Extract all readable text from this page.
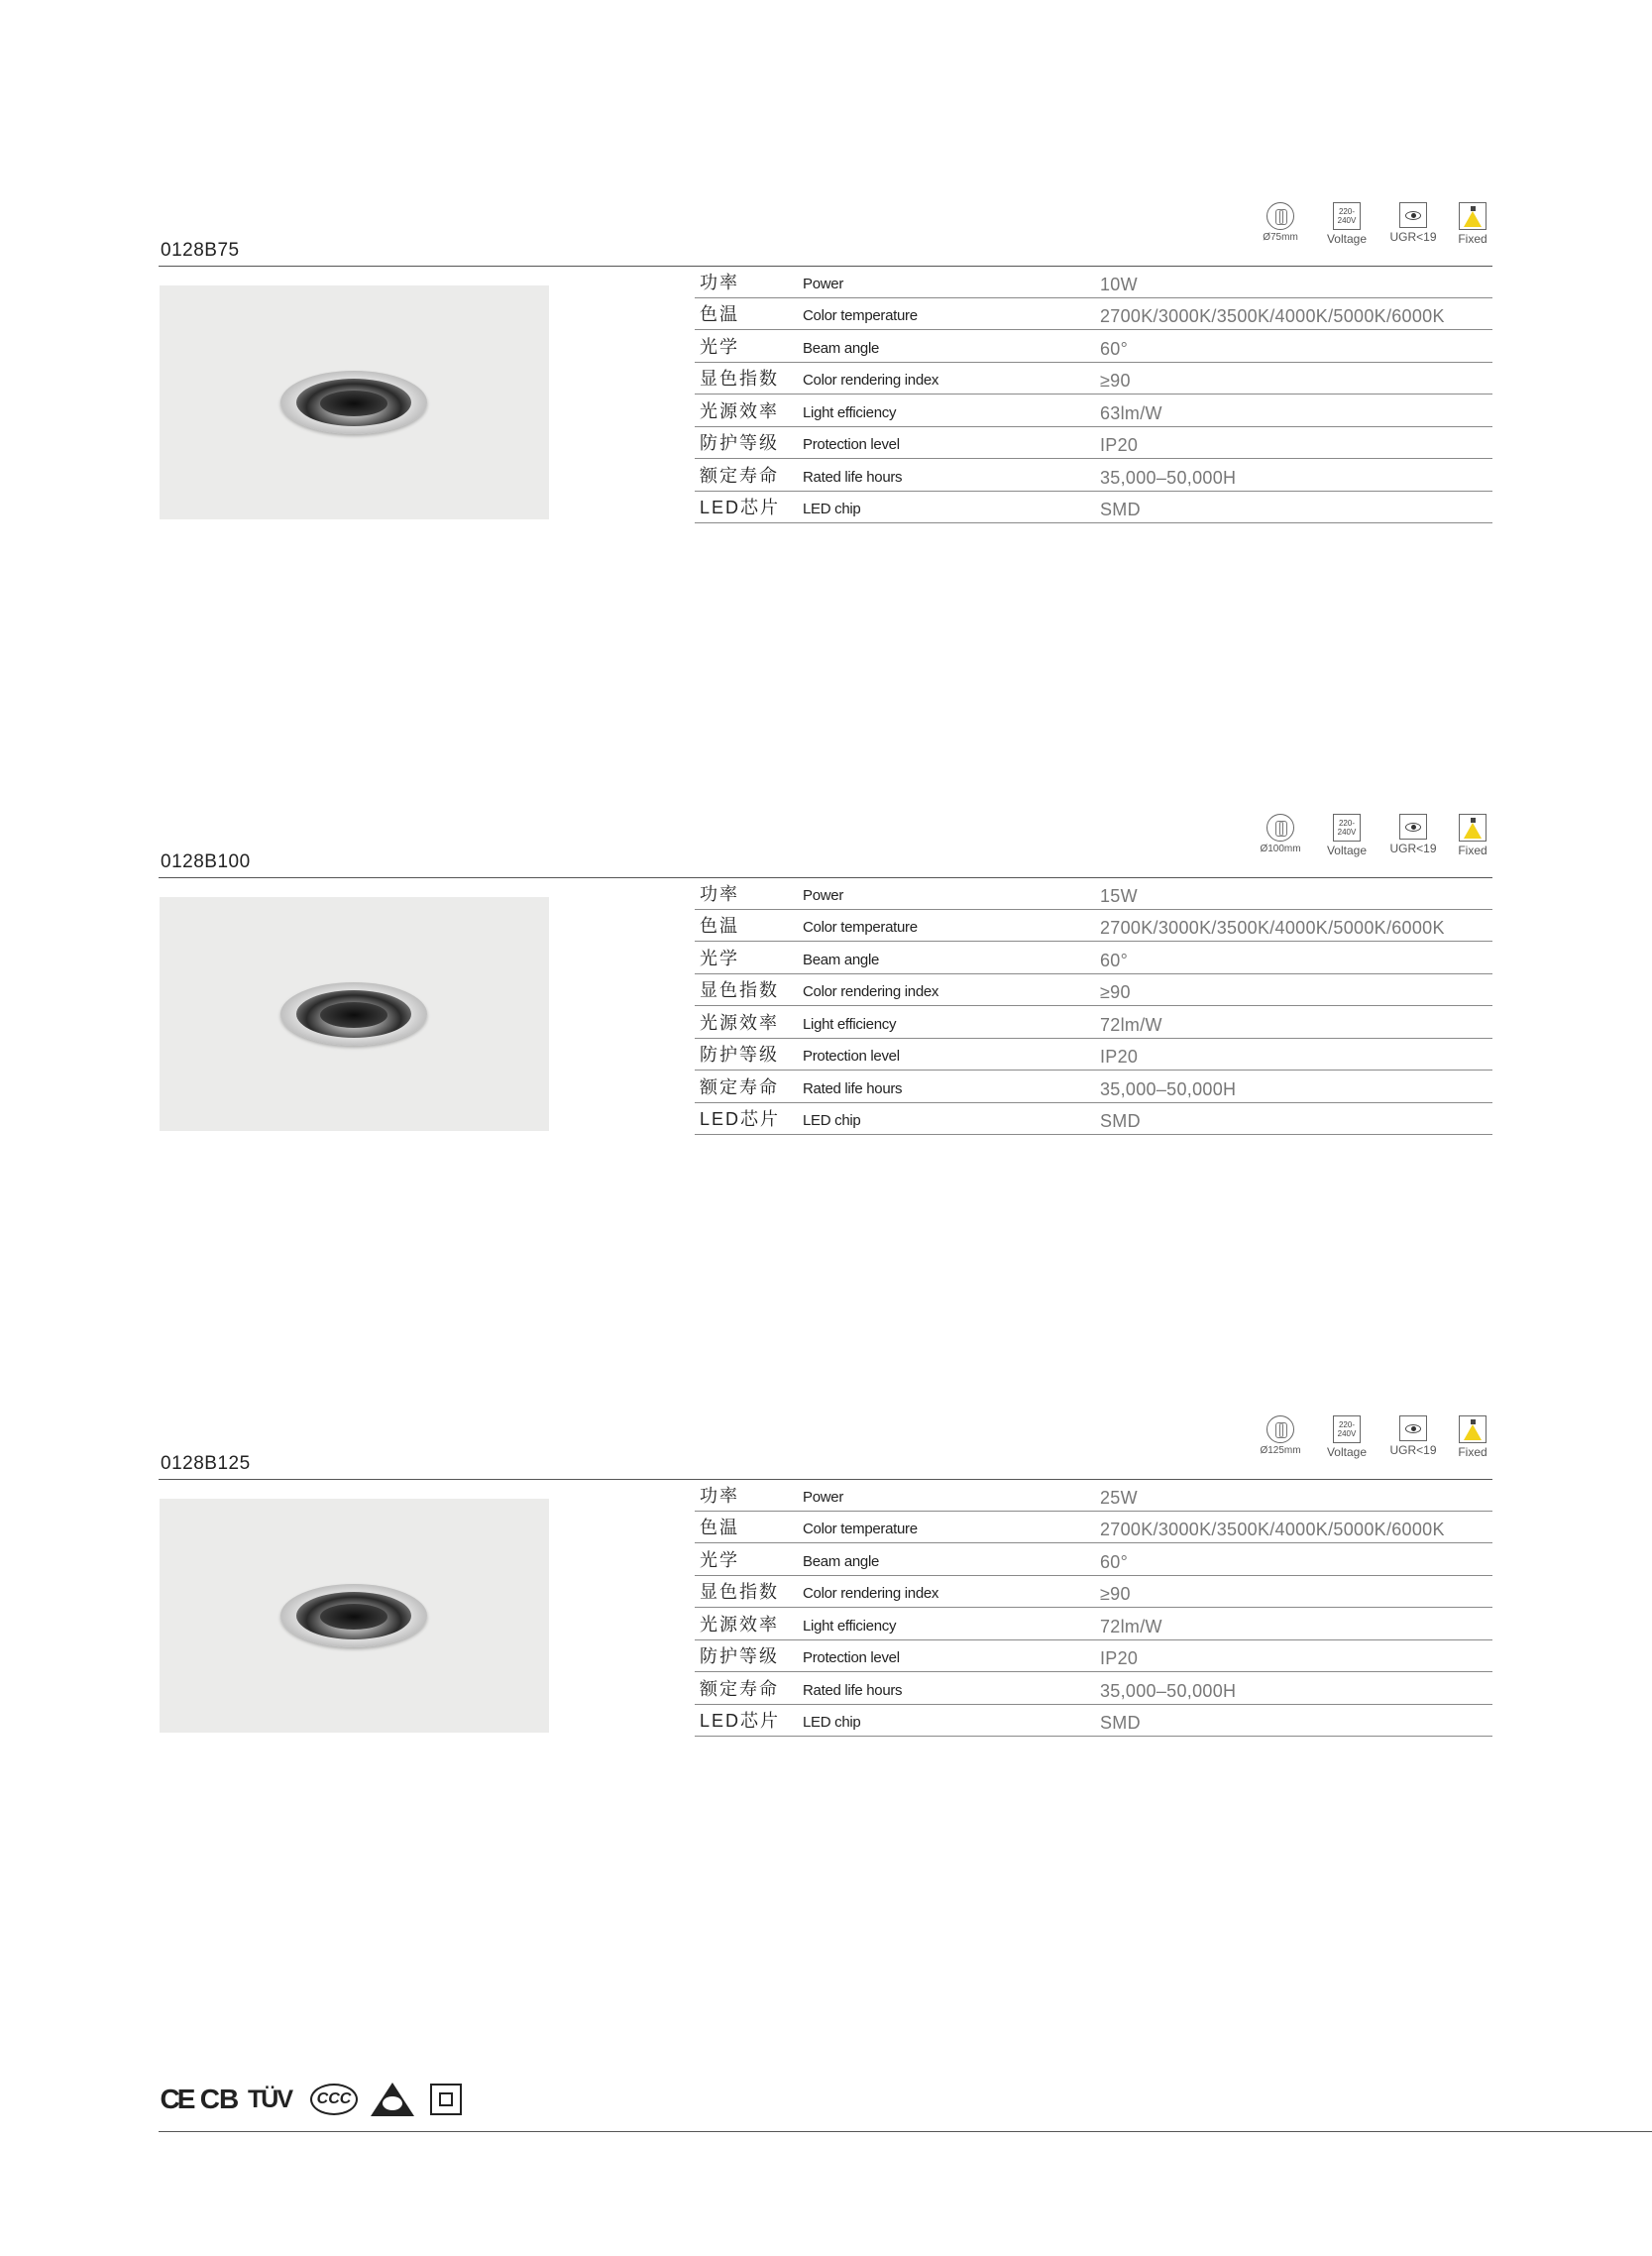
0128B75
Ø75mm
220-240V
Voltage	UGR<19	Fixed
功率	Power	10W
色温	Color temperature	2700K/3000K/3500K/4000K/5000K/6000K
光学	Beam angle	60°
显色指数 Color rendering index	≥90
光源效率 Light efficiency	63lm/W
防护等级 Protection level	IP20
额定寿命 Rated life hours	35,000–50,000H
LED芯片 LED chip	SMD
0128B100
Ø100mm
220-240V
Voltage	UGR<19	Fixed
功率	Power	15W
色温	Color temperature	2700K/3000K/3500K/4000K/5000K/6000K
光学	Beam angle	60°
显色指数 Color rendering index	≥90
光源效率 Light efficiency	72lm/W
防护等级 Protection level	IP20
额定寿命 Rated life hours	35,000–50,000H
LED芯片 LED chip	SMD
0128B125
Ø125mm
220-240V
Voltage	UGR<19	Fixed
功率	Power	25W
色温	Color temperature	2700K/3000K/3500K/4000K/5000K/6000K
光学	Beam angle	60°
显色指数 Color rendering index	≥90
光源效率 Light efficiency	72lm/W
防护等级 Protection level	IP20
额定寿命 Rated life hours	35,000–50,000H
LED芯片 LED chip	SMD
CE CB TÜV	CCC
